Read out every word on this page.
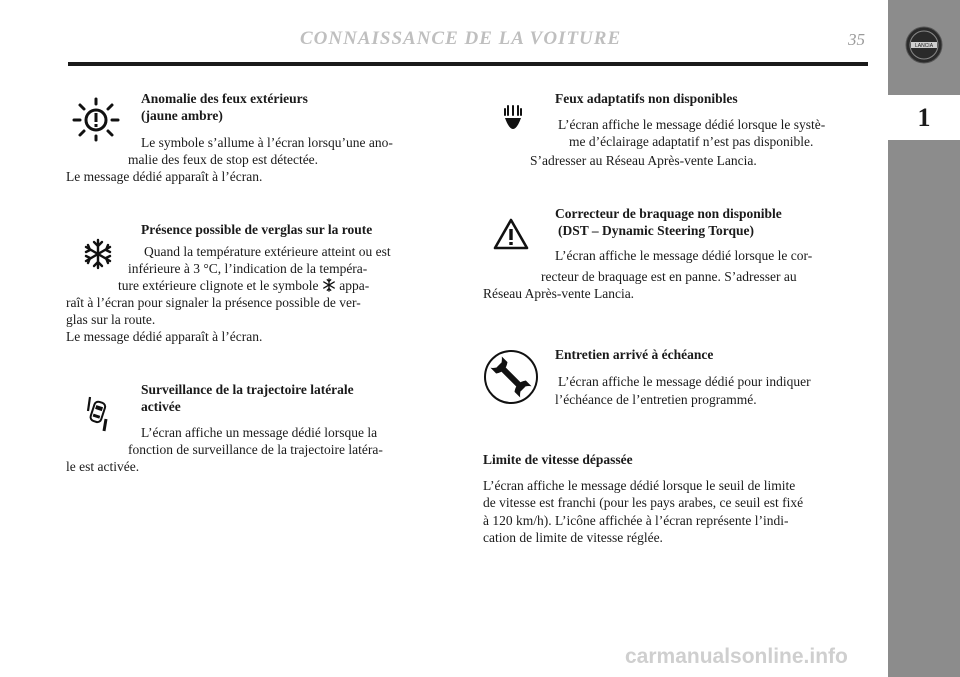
CONNAISSANCE DE LA VOITURE	35	LANCIA
1
Anomalie des feux extérieurs
(jaune ambre)
Le symbole s’allume à l’écran lorsqu’une ano-
malie des feux de stop est détectée.
Le message dédié apparaît à l’écran.
Présence possible de verglas sur la route
Quand la température extérieure atteint ou est
inférieure à 3 °C, l’indication de la tempéra-
ture extérieure clignote et le symbole appa-
raît à l’écran pour signaler la présence possible de ver-
glas sur la route.
Le message dédié apparaît à l’écran.
Surveillance de la trajectoire latérale
activée
L’écran affiche un message dédié lorsque la
fonction de surveillance de la trajectoire latéra-
le est activée.
Feux adaptatifs non disponibles
L’écran affiche le message dédié lorsque le systè-
me d’éclairage adaptatif n’est pas disponible.
S’adresser au Réseau Après-vente Lancia.
Correcteur de braquage non disponible
(DST – Dynamic Steering Torque)
L’écran affiche le message dédié lorsque le cor-
recteur de braquage est en panne. S’adresser au
Réseau Après-vente Lancia.
Entretien arrivé à échéance
L’écran affiche le message dédié pour indiquer
l’échéance de l’entretien programmé.
Limite de vitesse dépassée
L’écran affiche le message dédié lorsque le seuil de limite
de vitesse est franchi (pour les pays arabes, ce seuil est fixé
à 120 km/h). L’icône affichée à l’écran représente l’indi-
cation de limite de vitesse réglée.
carmanualsonline.info
